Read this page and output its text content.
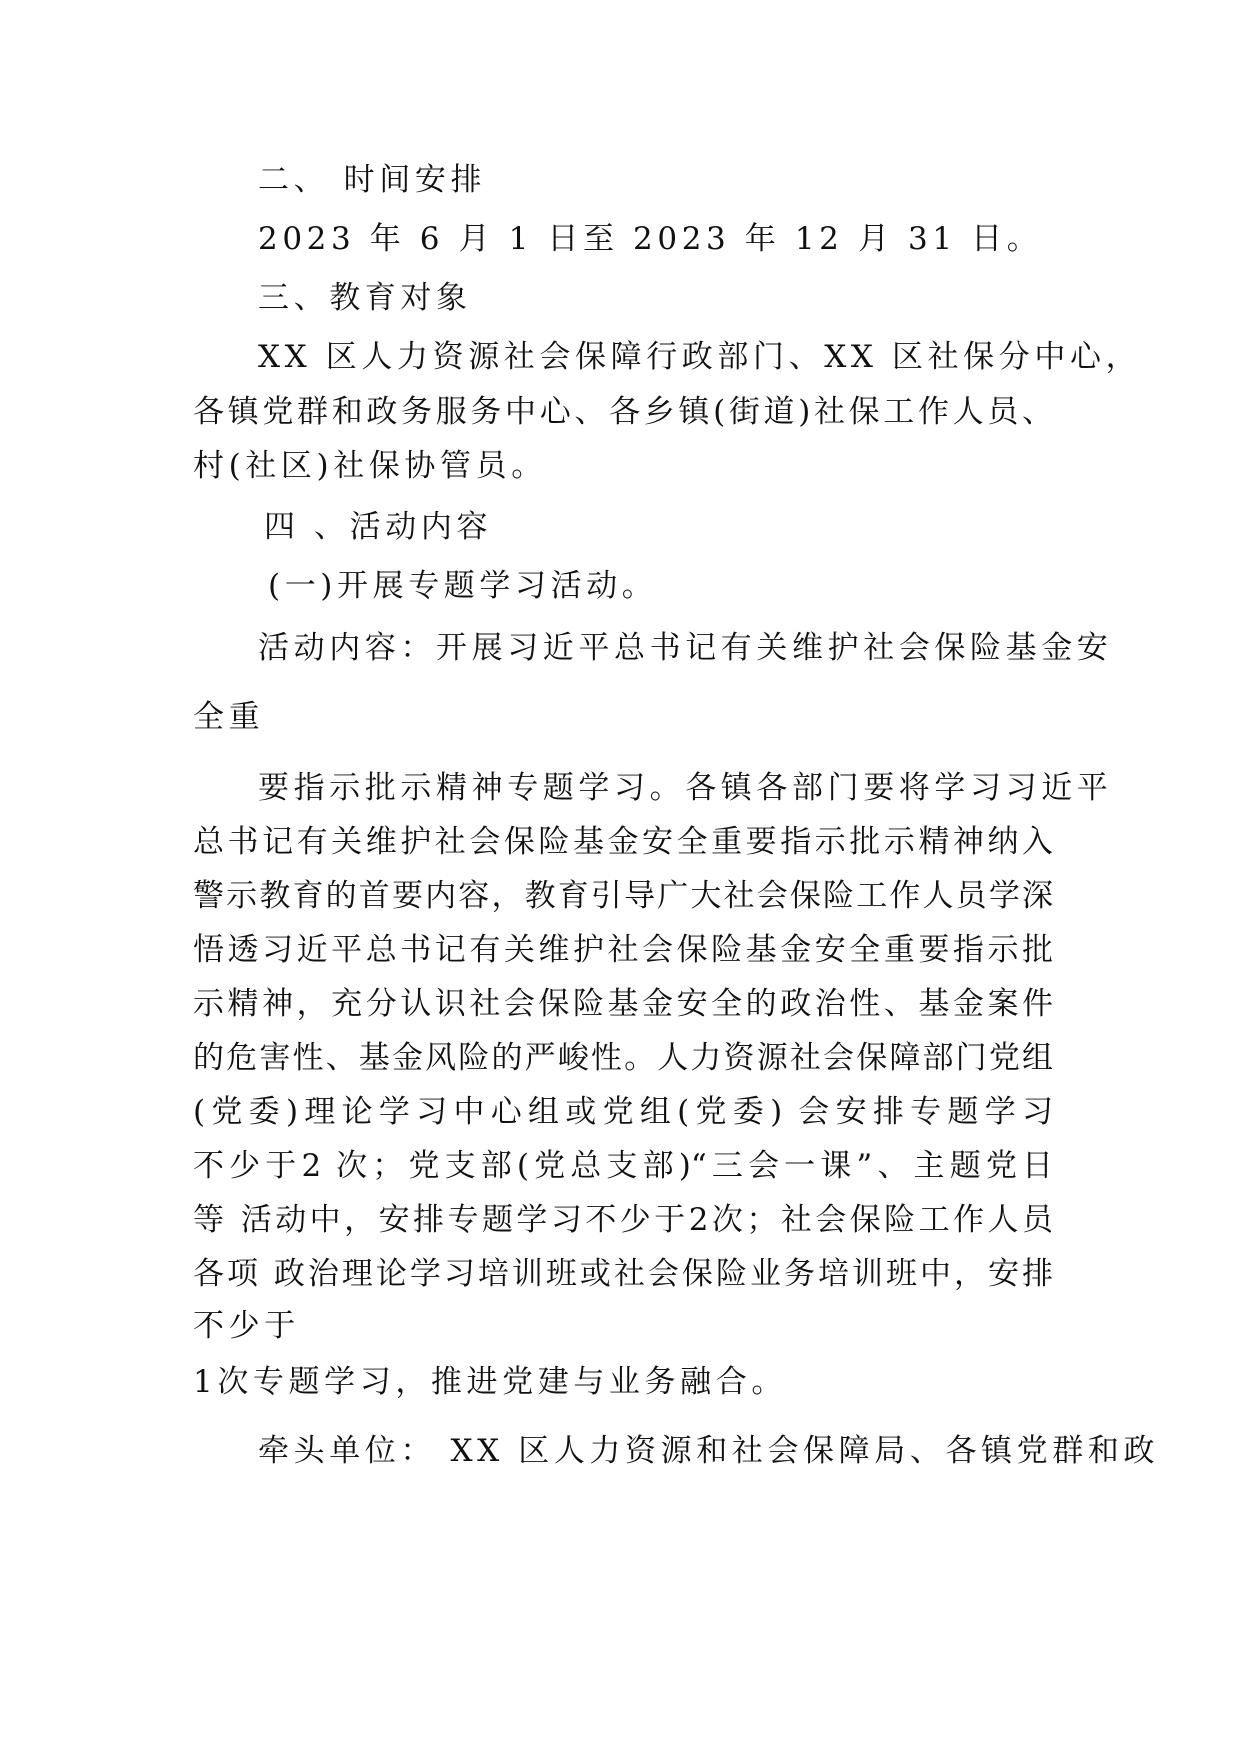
二、 时间安排
2023 年 6 月 1 日至 2023 年 12 月 31 日。
三、教育对象
XX 区人力资源社会保障行政部门、XX 区社保分中心，
各镇党群和政务服务中心、各乡镇(街道)社保工作人员、
村(社区)社保协管员。
四 、活动内容
(一)开展专题学习活动。
活动内容：开展习近平总书记有关维护社会保险基金安
全重
要指示批示精神专题学习。各镇各部门要将学习习近平
总书记有关维护社会保险基金安全重要指示批示精神纳入
警示教育的首要内容，教育引导广大社会保险工作人员学深
悟透习近平总书记有关维护社会保险基金安全重要指示批
示精神，充分认识社会保险基金安全的政治性、基金案件
的危害性、基金风险的严峻性。人力资源社会保障部门党组
(党委)理论学习中心组或党组(党委) 会安排专题学习
不少于2 次；党支部(党总支部)“三会一课”、主题党日
等 活动中，安排专题学习不少于2次；社会保险工作人员
各项 政治理论学习培训班或社会保险业务培训班中，安排
不少于
1次专题学习，推进党建与业务融合。
牵头单位： XX 区人力资源和社会保障局、各镇党群和政
